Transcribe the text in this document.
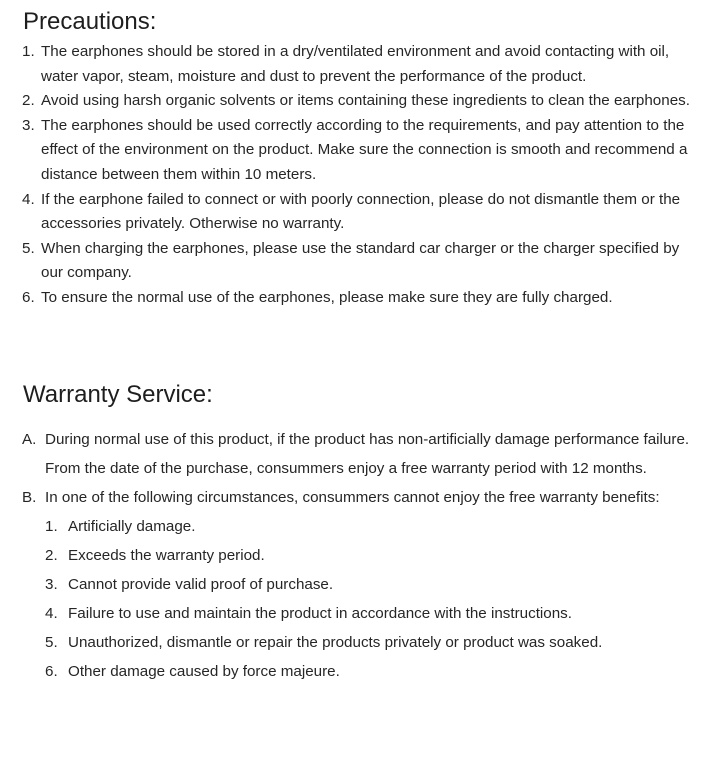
Precautions:
1. The earphones should be stored in a dry/ventilated environment and avoid contacting with oil, water vapor, steam, moisture and dust to prevent the performance of the product.
2. Avoid using harsh organic solvents or items containing these ingredients to clean the earphones.
3. The earphones should be used correctly according to the requirements, and pay attention to the effect of the environment on the product. Make sure the connection is smooth and recommend a distance between them within 10 meters.
4. If the earphone failed to connect or with poorly connection, please do not dismantle them or the accessories privately. Otherwise no warranty.
5. When charging the earphones, please use the standard car charger or the charger specified by our company.
6. To ensure the normal use of the earphones, please make sure they are fully charged.
Warranty Service:
A. During normal use of this product, if the product has non-artificially damage performance failure. From the date of the purchase, consummers enjoy a free warranty period with 12 months.
B. In one of the following circumstances, consummers cannot enjoy the free warranty benefits:
1. Artificially damage.
2. Exceeds the warranty period.
3. Cannot provide valid proof of purchase.
4. Failure to use and maintain the product in accordance with the instructions.
5. Unauthorized, dismantle or repair the products privately or product was soaked.
6. Other damage caused by force majeure.
